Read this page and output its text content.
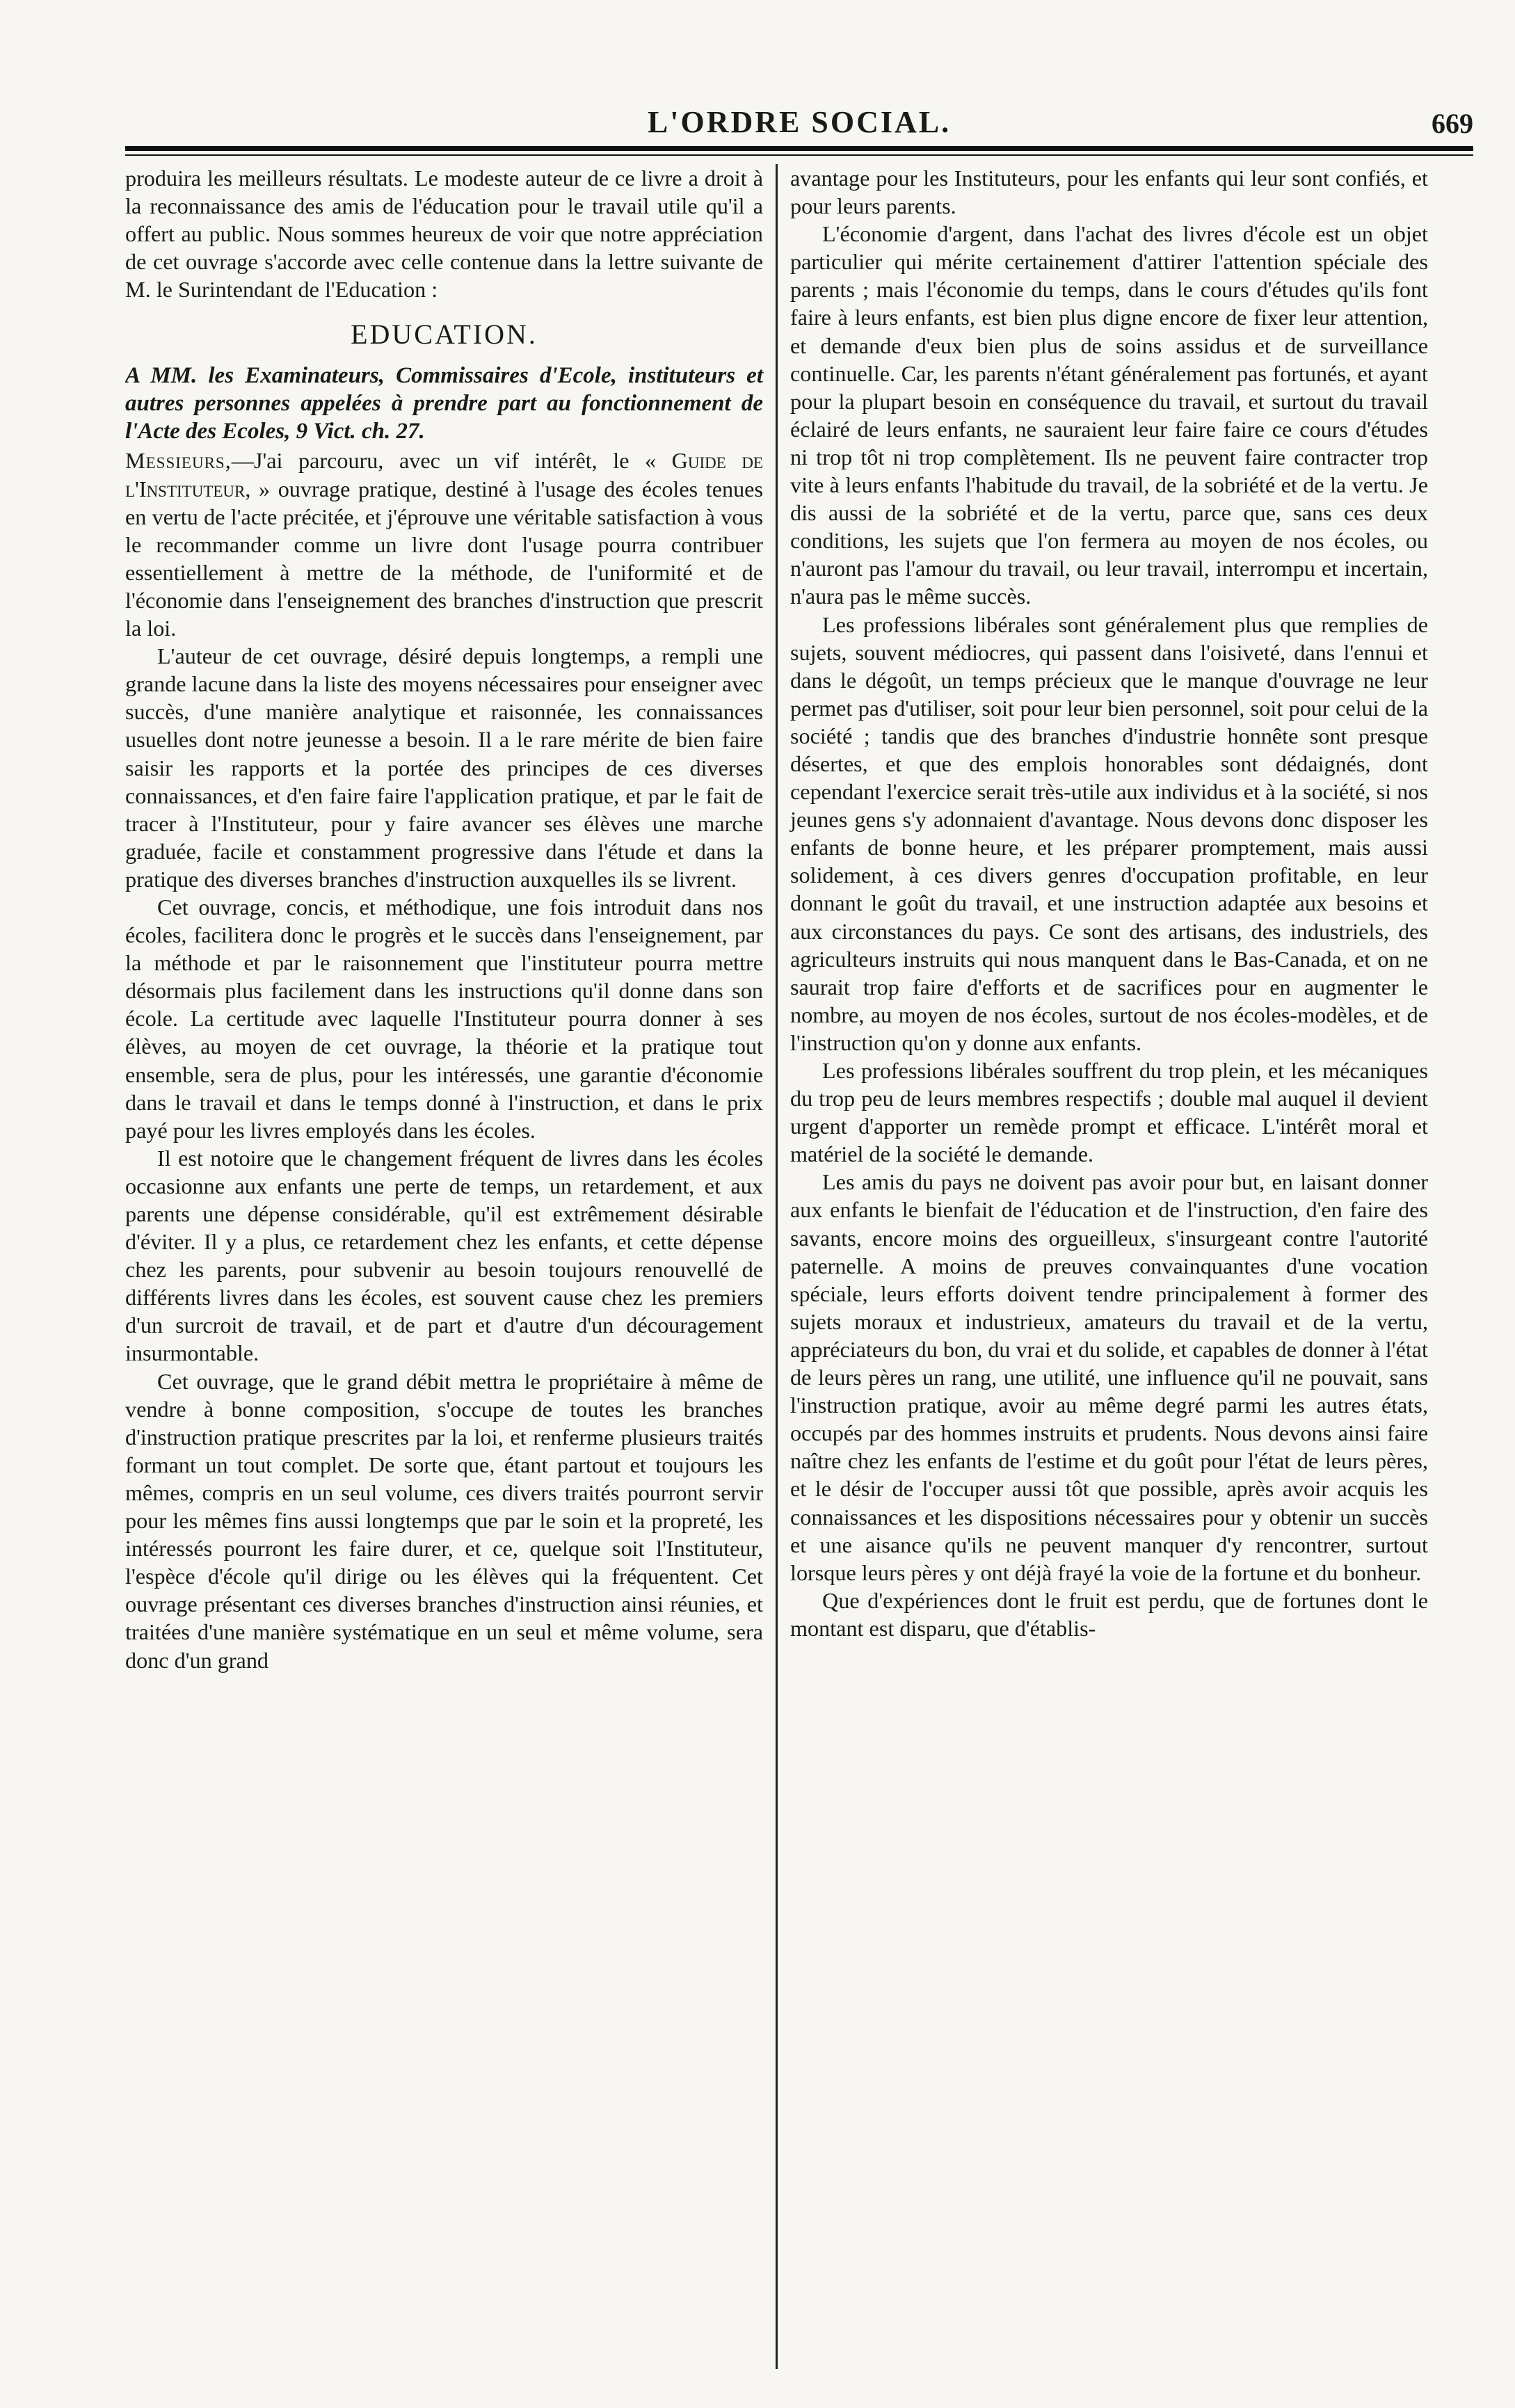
L'ORDRE SOCIAL.	669

produira les meilleurs résultats. Le modeste auteur de ce livre a droit à la reconnaissance des amis de l'éducation pour le travail utile qu'il a offert au public. Nous sommes heureux de voir que notre appréciation de cet ouvrage s'accorde avec celle contenue dans la lettre suivante de M. le Surintendant de l'Education :

EDUCATION.
A MM. les Examinateurs, Commissaires d'Ecole, instituteurs et autres personnes appelées à prendre part au fonctionnement de l'Acte des Ecoles, 9 Vict. ch. 27.

Messieurs,—J'ai parcouru, avec un vif intérêt, le « Guide de l'Instituteur, » ouvrage pratique, destiné à l'usage des écoles tenues en vertu de l'acte précitée, et j'éprouve une véritable satisfaction à vous le recommander comme un livre dont l'usage pourra contribuer essentiellement à mettre de la méthode, de l'uniformité et de l'économie dans l'enseignement des branches d'instruction que prescrit la loi.

L'auteur de cet ouvrage, désiré depuis longtemps, a rempli une grande lacune dans la liste des moyens nécessaires pour enseigner avec succès, d'une manière analytique et raisonnée, les connaissances usuelles dont notre jeunesse a besoin. Il a le rare mérite de bien faire saisir les rapports et la portée des principes de ces diverses connaissances, et d'en faire faire l'application pratique, et par le fait de tracer à l'Instituteur, pour y faire avancer ses élèves une marche graduée, facile et constamment progressive dans l'étude et dans la pratique des diverses branches d'instruction auxquelles ils se livrent.

Cet ouvrage, concis, et méthodique, une fois introduit dans nos écoles, facilitera donc le progrès et le succès dans l'enseignement, par la méthode et par le raisonnement que l'instituteur pourra mettre désormais plus facilement dans les instructions qu'il donne dans son école. La certitude avec laquelle l'Instituteur pourra donner à ses élèves, au moyen de cet ouvrage, la théorie et la pratique tout ensemble, sera de plus, pour les intéressés, une garantie d'économie dans le travail et dans le temps donné à l'instruction, et dans le prix payé pour les livres employés dans les écoles.

Il est notoire que le changement fréquent de livres dans les écoles occasionne aux enfants une perte de temps, un retardement, et aux parents une dépense considérable, qu'il est extrêmement désirable d'éviter. Il y a plus, ce retardement chez les enfants, et cette dépense chez les parents, pour subvenir au besoin toujours renouvellé de différents livres dans les écoles, est souvent cause chez les premiers d'un surcroit de travail, et de part et d'autre d'un découragement insurmontable.

Cet ouvrage, que le grand débit mettra le propriétaire à même de vendre à bonne composition, s'occupe de toutes les branches d'instruction pratique prescrites par la loi, et renferme plusieurs traités formant un tout complet. De sorte que, étant partout et toujours les mêmes, compris en un seul volume, ces divers traités pourront servir pour les mêmes fins aussi longtemps que par le soin et la propreté, les intéressés pourront les faire durer, et ce, quelque soit l'Instituteur, l'espèce d'école qu'il dirige ou les élèves qui la fréquentent. Cet ouvrage présentant ces diverses branches d'instruction ainsi réunies, et traitées d'une manière systématique en un seul et même volume, sera donc d'un grand

avantage pour les Instituteurs, pour les enfants qui leur sont confiés, et pour leurs parents.

L'économie d'argent, dans l'achat des livres d'école est un objet particulier qui mérite certainement d'attirer l'attention spéciale des parents ; mais l'économie du temps, dans le cours d'études qu'ils font faire à leurs enfants, est bien plus digne encore de fixer leur attention, et demande d'eux bien plus de soins assidus et de surveillance continuelle. Car, les parents n'étant généralement pas fortunés, et ayant pour la plupart besoin en conséquence du travail, et surtout du travail éclairé de leurs enfants, ne sauraient leur faire faire ce cours d'études ni trop tôt ni trop complètement. Ils ne peuvent faire contracter trop vite à leurs enfants l'habitude du travail, de la sobriété et de la vertu. Je dis aussi de la sobriété et de la vertu, parce que, sans ces deux conditions, les sujets que l'on fermera au moyen de nos écoles, ou n'auront pas l'amour du travail, ou leur travail, interrompu et incertain, n'aura pas le même succès.

Les professions libérales sont généralement plus que remplies de sujets, souvent médiocres, qui passent dans l'oisiveté, dans l'ennui et dans le dégoût, un temps précieux que le manque d'ouvrage ne leur permet pas d'utiliser, soit pour leur bien personnel, soit pour celui de la société ; tandis que des branches d'industrie honnête sont presque désertes, et que des emplois honorables sont dédaignés, dont cependant l'exercice serait très-utile aux individus et à la société, si nos jeunes gens s'y adonnaient d'avantage. Nous devons donc disposer les enfants de bonne heure, et les préparer promptement, mais aussi solidement, à ces divers genres d'occupation profitable, en leur donnant le goût du travail, et une instruction adaptée aux besoins et aux circonstances du pays. Ce sont des artisans, des industriels, des agriculteurs instruits qui nous manquent dans le Bas-Canada, et on ne saurait trop faire d'efforts et de sacrifices pour en augmenter le nombre, au moyen de nos écoles, surtout de nos écoles-modèles, et de l'instruction qu'on y donne aux enfants.

Les professions libérales souffrent du trop plein, et les mécaniques du trop peu de leurs membres respectifs ; double mal auquel il devient urgent d'apporter un remède prompt et efficace. L'intérêt moral et matériel de la société le demande.

Les amis du pays ne doivent pas avoir pour but, en laisant donner aux enfants le bienfait de l'éducation et de l'instruction, d'en faire des savants, encore moins des orgueilleux, s'insurgeant contre l'autorité paternelle. A moins de preuves convainquantes d'une vocation spéciale, leurs efforts doivent tendre principalement à former des sujets moraux et industrieux, amateurs du travail et de la vertu, appréciateurs du bon, du vrai et du solide, et capables de donner à l'état de leurs pères un rang, une utilité, une influence qu'il ne pouvait, sans l'instruction pratique, avoir au même degré parmi les autres états, occupés par des hommes instruits et prudents. Nous devons ainsi faire naître chez les enfants de l'estime et du goût pour l'état de leurs pères, et le désir de l'occuper aussi tôt que possible, après avoir acquis les connaissances et les dispositions nécessaires pour y obtenir un succès et une aisance qu'ils ne peuvent manquer d'y rencontrer, surtout lorsque leurs pères y ont déjà frayé la voie de la fortune et du bonheur.

Que d'expériences dont le fruit est perdu, que de fortunes dont le montant est disparu, que d'établis-
